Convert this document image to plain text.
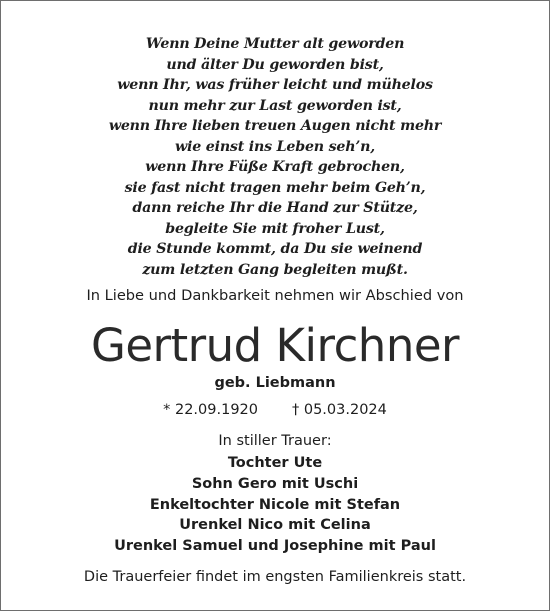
Wenn Deine Mutter alt geworden
und älter Du geworden bist,
wenn Ihr, was früher leicht und mühelos
nun mehr zur Last geworden ist,
wenn Ihre lieben treuen Augen nicht mehr
wie einst ins Leben seh’n,
wenn Ihre Füße Kraft gebrochen,
sie fast nicht tragen mehr beim Geh’n,
dann reiche Ihr die Hand zur Stütze,
begleite Sie mit froher Lust,
die Stunde kommt, da Du sie weinend
zum letzten Gang begleiten mußt.
In Liebe und Dankbarkeit nehmen wir Abschied von
Gertrud Kirchner
geb. Liebmann
* 22.09.1920 † 05.03.2024
In stiller Trauer:
Tochter Ute
Sohn Gero mit Uschi
Enkeltochter Nicole mit Stefan
Urenkel Nico mit Celina
Urenkel Samuel und Josephine mit Paul
Die Trauerfeier findet im engsten Familienkreis statt.
